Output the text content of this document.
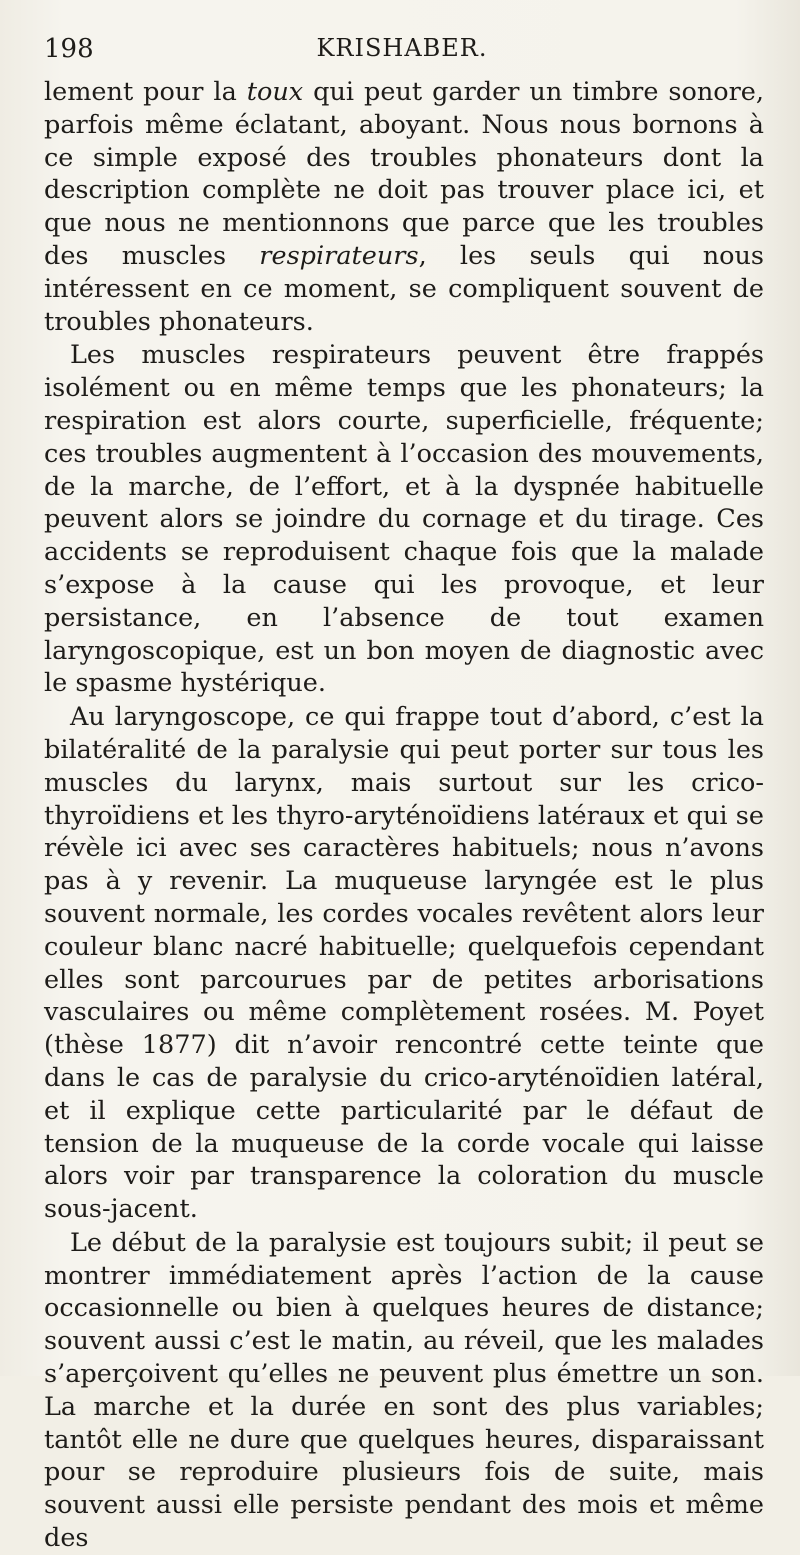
198	KRISHABER.

lement pour la toux qui peut garder un timbre sonore, parfois même éclatant, aboyant. Nous nous bornons à ce simple exposé des troubles phonateurs dont la description complète ne doit pas trouver place ici, et que nous ne mentionnons que parce que les troubles des muscles respirateurs, les seuls qui nous intéressent en ce moment, se compliquent souvent de troubles phonateurs.

Les muscles respirateurs peuvent être frappés isolément ou en même temps que les phonateurs; la respiration est alors courte, superficielle, fréquente; ces troubles augmentent à l’occasion des mouvements, de la marche, de l’effort, et à la dyspnée habituelle peuvent alors se joindre du cornage et du tirage. Ces accidents se reproduisent chaque fois que la malade s’expose à la cause qui les provoque, et leur persistance, en l’absence de tout examen laryngoscopique, est un bon moyen de diagnostic avec le spasme hystérique.

Au laryngoscope, ce qui frappe tout d’abord, c’est la bilatéralité de la paralysie qui peut porter sur tous les muscles du larynx, mais surtout sur les crico-thyroïdiens et les thyro-aryténoïdiens latéraux et qui se révèle ici avec ses caractères habituels; nous n’avons pas à y revenir. La muqueuse laryngée est le plus souvent normale, les cordes vocales revêtent alors leur couleur blanc nacré habituelle; quelquefois cependant elles sont parcourues par de petites arborisations vasculaires ou même complètement rosées. M. Poyet (thèse 1877) dit n’avoir rencontré cette teinte que dans le cas de paralysie du crico-aryténoïdien latéral, et il explique cette particularité par le défaut de tension de la muqueuse de la corde vocale qui laisse alors voir par transparence la coloration du muscle sous-jacent.

Le début de la paralysie est toujours subit; il peut se montrer immédiatement après l’action de la cause occasionnelle ou bien à quelques heures de distance; souvent aussi c’est le matin, au réveil, que les malades s’aperçoivent qu’elles ne peuvent plus émettre un son. La marche et la durée en sont des plus variables; tantôt elle ne dure que quelques heures, disparaissant pour se reproduire plusieurs fois de suite, mais souvent aussi elle persiste pendant des mois et même des
